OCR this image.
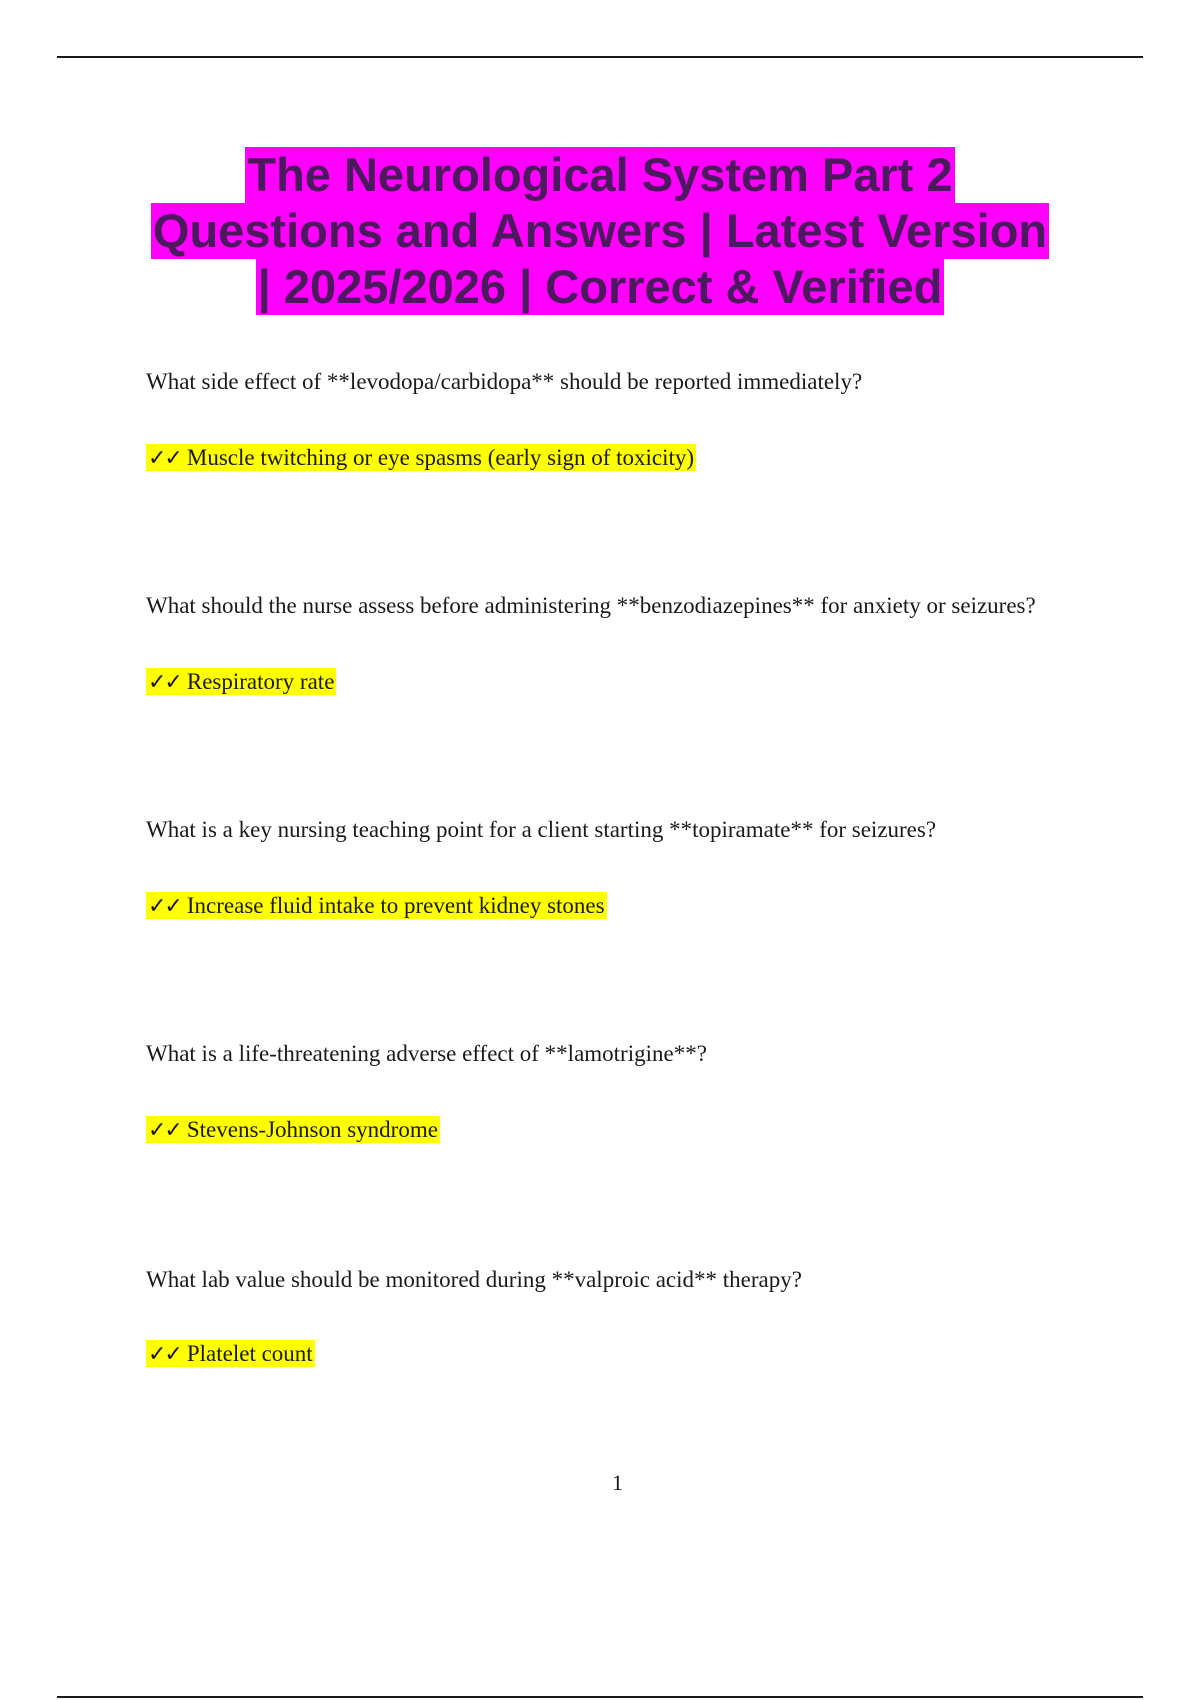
The Neurological System Part 2
Questions and Answers | Latest Version
| 2025/2026 | Correct & Verified

What side effect of **levodopa/carbidopa** should be reported immediately?

✓✓ Muscle twitching or eye spasms (early sign of toxicity)

What should the nurse assess before administering **benzodiazepines** for anxiety or seizures?

✓✓ Respiratory rate

What is a key nursing teaching point for a client starting **topiramate** for seizures?

✓✓ Increase fluid intake to prevent kidney stones

What is a life-threatening adverse effect of **lamotrigine**?

✓✓ Stevens-Johnson syndrome

What lab value should be monitored during **valproic acid** therapy?

✓✓ Platelet count
1
